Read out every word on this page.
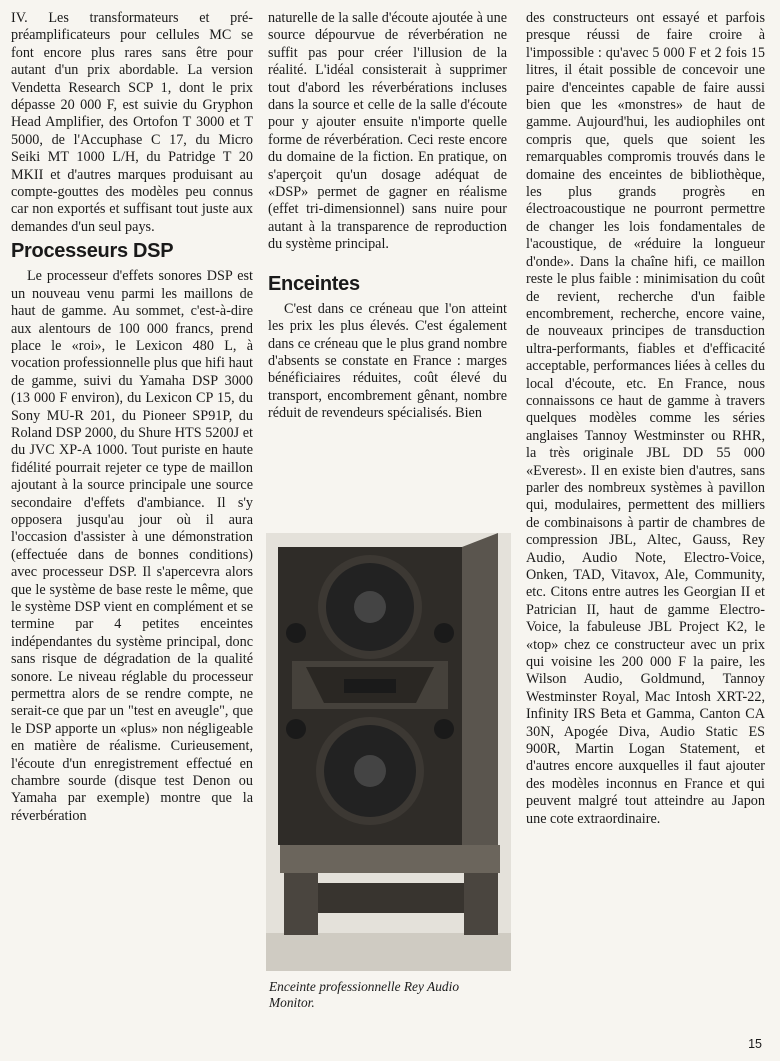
IV. Les transformateurs et pré-préamplificateurs pour cellules MC se font encore plus rares sans être pour autant d'un prix abordable. La version Vendetta Research SCP 1, dont le prix dépasse 20 000 F, est suivie du Gryphon Head Amplifier, des Ortofon T 3000 et T 5000, de l'Accuphase C 17, du Micro Seiki MT 1000 L/H, du Patridge T 20 MKII et d'autres marques produisant au compte-gouttes des modèles peu connus car non exportés et suffisant tout juste aux demandes d'un seul pays.

Processeurs DSP

Le processeur d'effets sonores DSP est un nouveau venu parmi les maillons de haut de gamme. Au sommet, c'est-à-dire aux alentours de 100 000 francs, prend place le «roi», le Lexicon 480 L, à vocation professionnelle plus que hifi haut de gamme, suivi du Yamaha DSP 3000 (13 000 F environ), du Lexicon CP 15, du Sony MU-R 201, du Pioneer SP91P, du Roland DSP 2000, du Shure HTS 5200J et du JVC XP-A 1000. Tout puriste en haute fidélité pourrait rejeter ce type de maillon ajoutant à la source principale une source secondaire d'effets d'ambiance. Il s'y opposera jusqu'au jour où il aura l'occasion d'assister à une démonstration (effectuée dans de bonnes conditions) avec processeur DSP. Il s'apercevra alors que le système de base reste le même, que le système DSP vient en complément et se termine par 4 petites enceintes indépendantes du système principal, donc sans risque de dégradation de la qualité sonore. Le niveau réglable du processeur permettra alors de se rendre compte, ne serait-ce que par un "test en aveugle", que le DSP apporte un «plus» non négligeable en matière de réalisme. Curieusement, l'écoute d'un enregistrement effectué en chambre sourde (disque test Denon ou Yamaha par exemple) montre que la réverbération

naturelle de la salle d'écoute ajoutée à une source dépourvue de réverbération ne suffit pas pour créer l'illusion de la réalité. L'idéal consisterait à supprimer tout d'abord les réverbérations incluses dans la source et celle de la salle d'écoute pour y ajouter ensuite n'importe quelle forme de réverbération. Ceci reste encore du domaine de la fiction. En pratique, on s'aperçoit qu'un dosage adéquat de «DSP» permet de gagner en réalisme (effet tri-dimensionnel) sans nuire pour autant à la transparence de reproduction du système principal.

Enceintes

C'est dans ce créneau que l'on atteint les prix les plus élevés. C'est également dans ce créneau que le plus grand nombre d'absents se constate en France : marges bénéficiaires réduites, coût élevé du transport, encombrement gênant, nombre réduit de revendeurs spécialisés. Bien

des constructeurs ont essayé et parfois presque réussi de faire croire à l'impossible : qu'avec 5 000 F et 2 fois 15 litres, il était possible de concevoir une paire d'enceintes capable de faire aussi bien que les «monstres» de haut de gamme. Aujourd'hui, les audiophiles ont compris que, quels que soient les remarquables compromis trouvés dans le domaine des enceintes de bibliothèque, les plus grands progrès en électroacoustique ne pourront permettre de changer les lois fondamentales de l'acoustique, de «réduire la longueur d'onde». Dans la chaîne hifi, ce maillon reste le plus faible : minimisation du coût de revient, recherche d'un faible encombrement, recherche, encore vaine, de nouveaux principes de transduction ultra-performants, fiables et d'efficacité acceptable, performances liées à celles du local d'écoute, etc. En France, nous connaissons ce haut de gamme à travers quelques modèles comme les séries anglaises Tannoy Westminster ou RHR, la très originale JBL DD 55 000 «Everest». Il en existe bien d'autres, sans parler des nombreux systèmes à pavillon qui, modulaires, permettent des milliers de combinaisons à partir de chambres de compression JBL, Altec, Gauss, Rey Audio, Audio Note, Electro-Voice, Onken, TAD, Vitavox, Ale, Community, etc. Citons entre autres les Georgian II et Patrician II, haut de gamme Electro-Voice, la fabuleuse JBL Project K2, le «top» chez ce constructeur avec un prix qui voisine les 200 000 F la paire, les Wilson Audio, Goldmund, Tannoy Westminster Royal, Mac Intosh XRT-22, Infinity IRS Beta et Gamma, Canton CA 30N, Apogée Diva, Audio Static ES 900R, Martin Logan Statement, et d'autres encore auxquelles il faut ajouter des modèles inconnus en France et qui peuvent malgré tout atteindre au Japon une cote extraordinaire.

Enceinte professionnelle Rey Audio Monitor.

15
